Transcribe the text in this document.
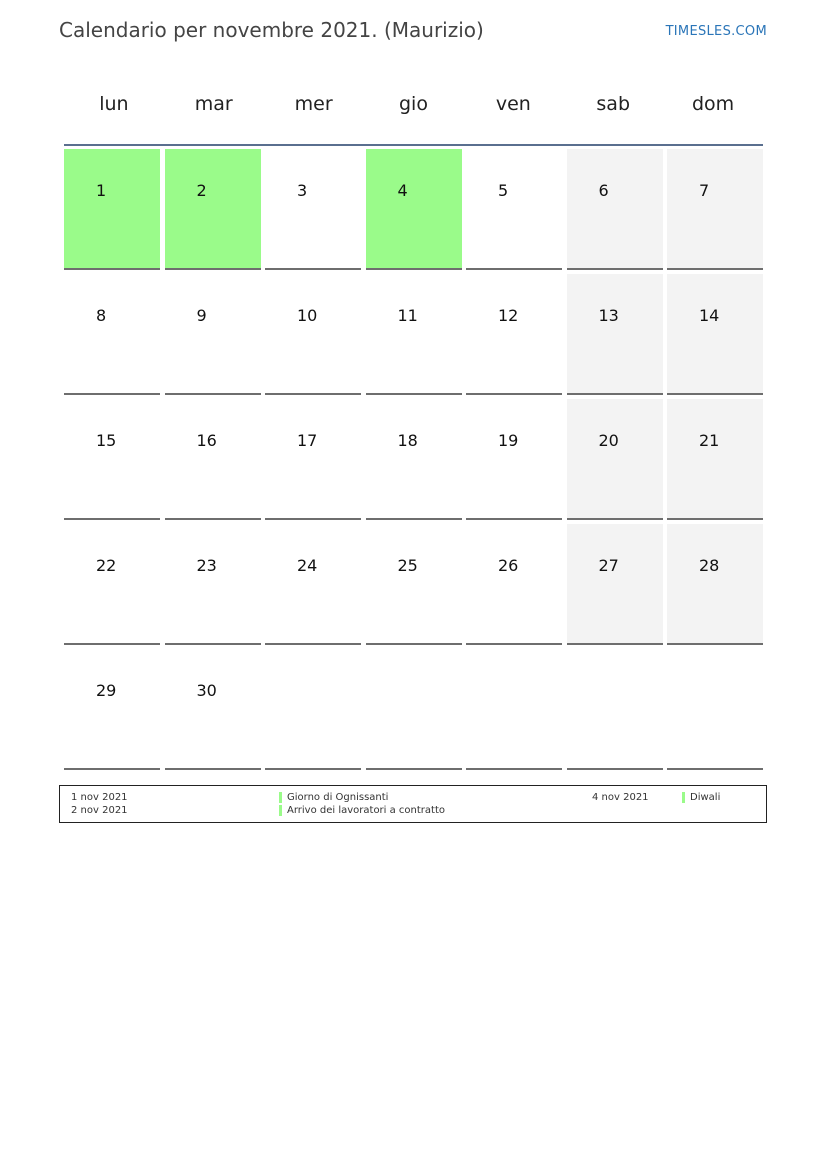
Calendario per novembre 2021. (Maurizio)	TIMESLES.COM
lun	mar	mer	gio	ven	sab	dom
1	2	3	4	5	6	7
8	9	10	11	12	13	14
15	16	17	18	19	20	21
22	23	24	25	26	27	28
29	30
1 nov 2021	Giorno di Ognissanti
2 nov 2021	Arrivo dei lavoratori a contratto
4 nov 2021	Diwali
